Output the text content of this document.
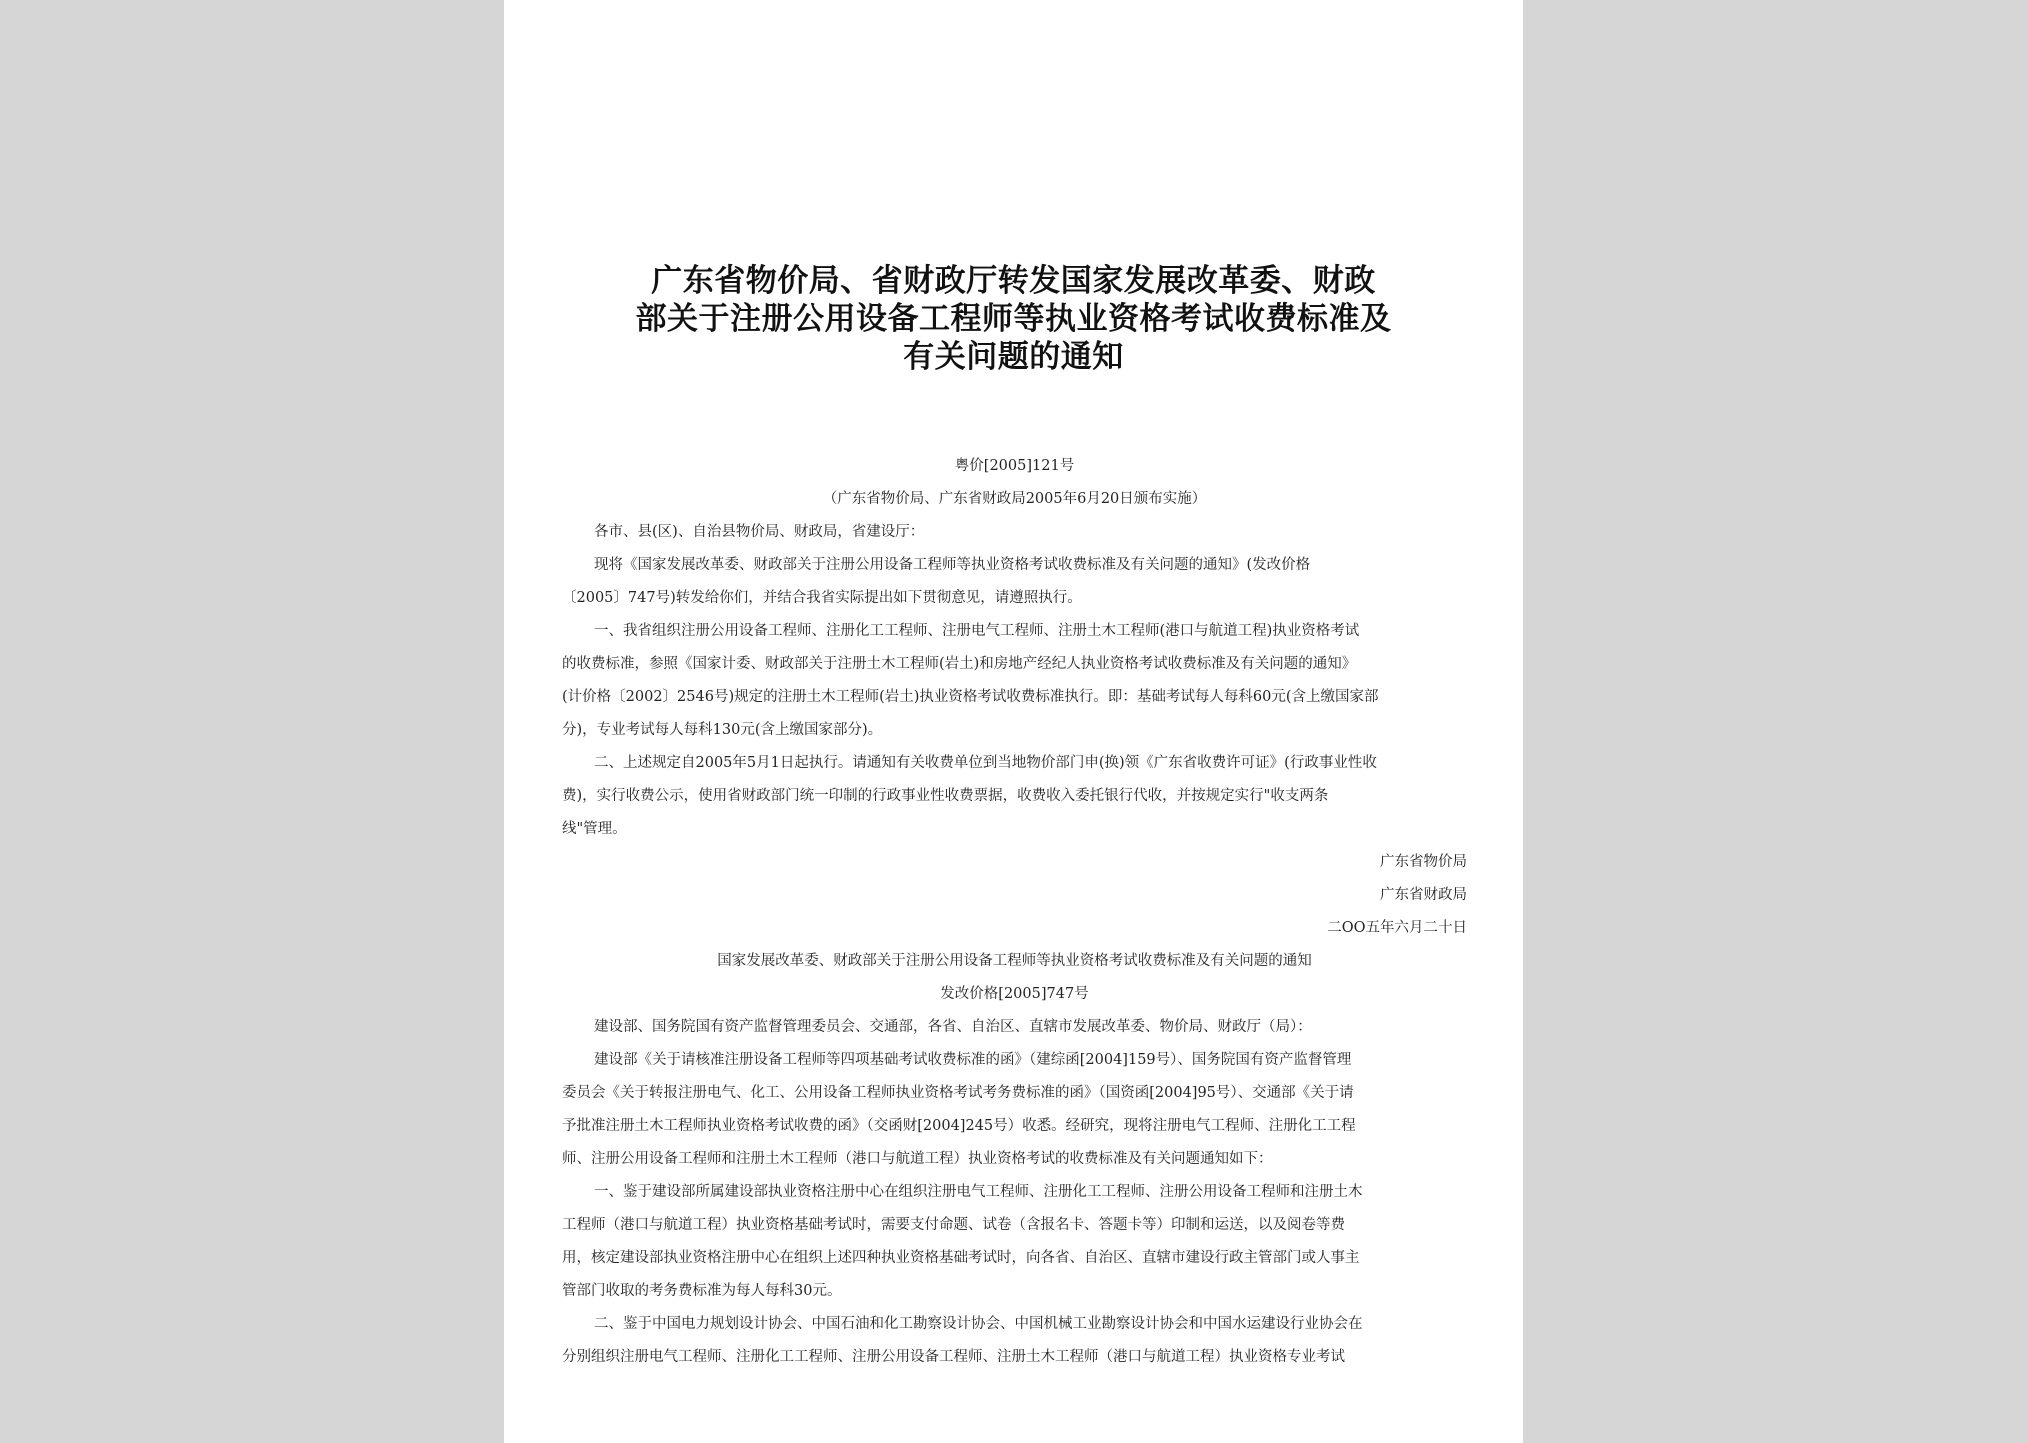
广东省物价局、省财政厅转发国家发展改革委、财政
部关于注册公用设备工程师等执业资格考试收费标准及
有关问题的通知
粤价[2005]121号
（广东省物价局、广东省财政局2005年6月20日颁布实施）
各市、县(区)、自治县物价局、财政局，省建设厅：
现将《国家发展改革委、财政部关于注册公用设备工程师等执业资格考试收费标准及有关问题的通知》(发改价格
〔2005〕747号)转发给你们，并结合我省实际提出如下贯彻意见，请遵照执行。
一、我省组织注册公用设备工程师、注册化工工程师、注册电气工程师、注册土木工程师(港口与航道工程)执业资格考试
的收费标准，参照《国家计委、财政部关于注册土木工程师(岩土)和房地产经纪人执业资格考试收费标准及有关问题的通知》
(计价格〔2002〕2546号)规定的注册土木工程师(岩土)执业资格考试收费标准执行。即：基础考试每人每科60元(含上缴国家部
分)，专业考试每人每科130元(含上缴国家部分)。
二、上述规定自2005年5月1日起执行。请通知有关收费单位到当地物价部门申(换)领《广东省收费许可证》(行政事业性收
费)，实行收费公示，使用省财政部门统一印制的行政事业性收费票据，收费收入委托银行代收，并按规定实行"收支两条
线"管理。
广东省物价局
广东省财政局
二OO五年六月二十日
国家发展改革委、财政部关于注册公用设备工程师等执业资格考试收费标准及有关问题的通知
发改价格[2005]747号
建设部、国务院国有资产监督管理委员会、交通部，各省、自治区、直辖市发展改革委、物价局、财政厅（局）：
建设部《关于请核准注册设备工程师等四项基础考试收费标准的函》（建综函[2004]159号）、国务院国有资产监督管理
委员会《关于转报注册电气、化工、公用设备工程师执业资格考试考务费标准的函》（国资函[2004]95号）、交通部《关于请
予批准注册土木工程师执业资格考试收费的函》（交函财[2004]245号）收悉。经研究，现将注册电气工程师、注册化工工程
师、注册公用设备工程师和注册土木工程师（港口与航道工程）执业资格考试的收费标准及有关问题通知如下：
一、鉴于建设部所属建设部执业资格注册中心在组织注册电气工程师、注册化工工程师、注册公用设备工程师和注册土木
工程师（港口与航道工程）执业资格基础考试时，需要支付命题、试卷（含报名卡、答题卡等）印制和运送，以及阅卷等费
用，核定建设部执业资格注册中心在组织上述四种执业资格基础考试时，向各省、自治区、直辖市建设行政主管部门或人事主
管部门收取的考务费标准为每人每科30元。
二、鉴于中国电力规划设计协会、中国石油和化工勘察设计协会、中国机械工业勘察设计协会和中国水运建设行业协会在
分别组织注册电气工程师、注册化工工程师、注册公用设备工程师、注册土木工程师（港口与航道工程）执业资格专业考试
